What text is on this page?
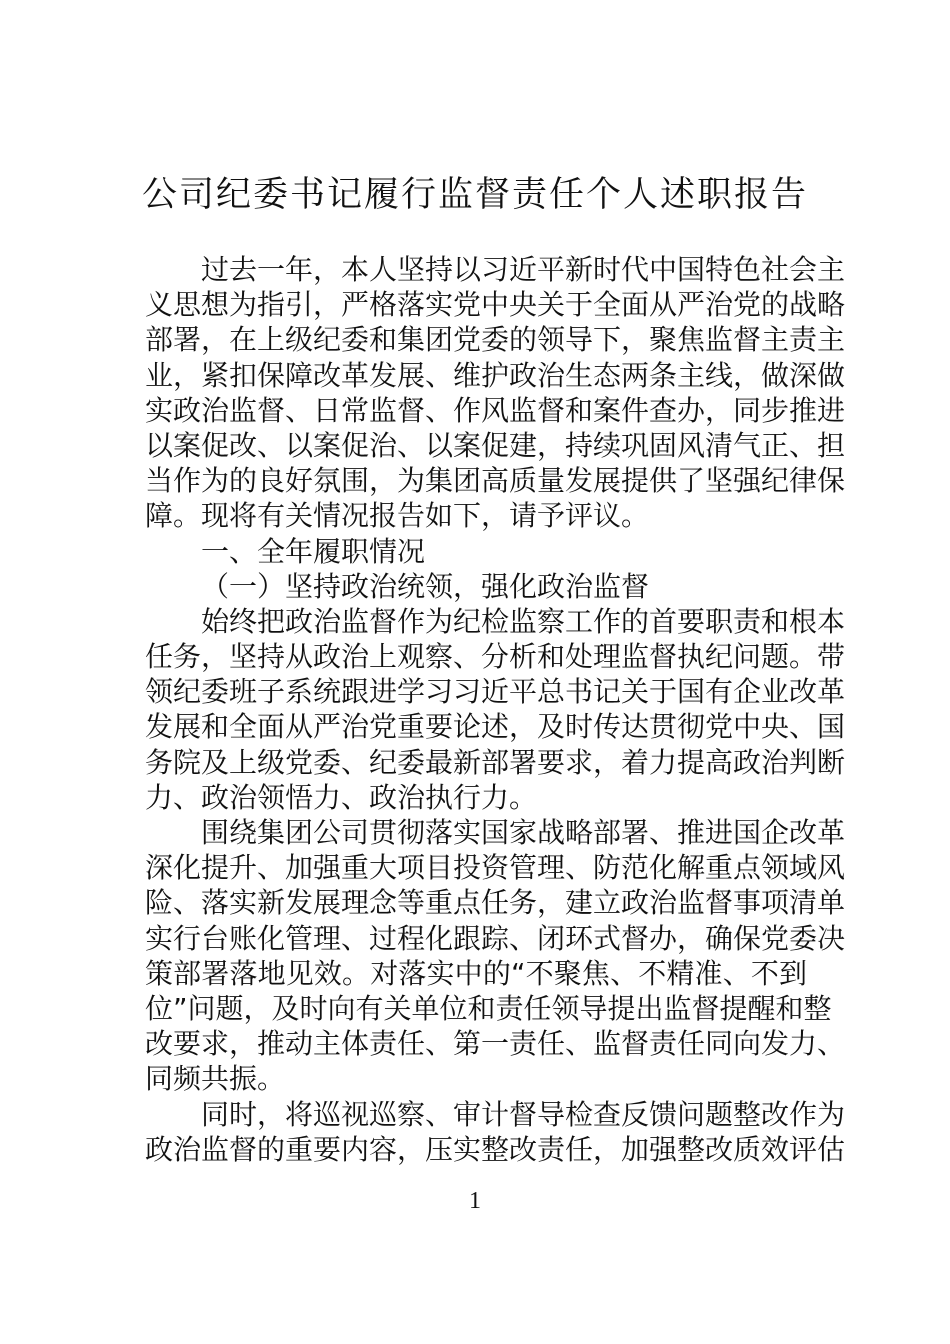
公司纪委书记履行监督责任个人述职报告
过去一年，本人坚持以习近平新时代中国特色社会主
义思想为指引，严格落实党中央关于全面从严治党的战略
部署，在上级纪委和集团党委的领导下，聚焦监督主责主
业，紧扣保障改革发展、维护政治生态两条主线，做深做
实政治监督、日常监督、作风监督和案件查办，同步推进
以案促改、以案促治、以案促建，持续巩固风清气正、担
当作为的良好氛围，为集团高质量发展提供了坚强纪律保
障。现将有关情况报告如下，请予评议。
一、全年履职情况
（一）坚持政治统领，强化政治监督
始终把政治监督作为纪检监察工作的首要职责和根本
任务，坚持从政治上观察、分析和处理监督执纪问题。带
领纪委班子系统跟进学习习近平总书记关于国有企业改革
发展和全面从严治党重要论述，及时传达贯彻党中央、国
务院及上级党委、纪委最新部署要求，着力提高政治判断
力、政治领悟力、政治执行力。
围绕集团公司贯彻落实国家战略部署、推进国企改革
深化提升、加强重大项目投资管理、防范化解重点领域风
险、落实新发展理念等重点任务，建立政治监督事项清单
实行台账化管理、过程化跟踪、闭环式督办，确保党委决
策部署落地见效。对落实中的“不聚焦、不精准、不到
位”问题，及时向有关单位和责任领导提出监督提醒和整
改要求，推动主体责任、第一责任、监督责任同向发力、
同频共振。
同时，将巡视巡察、审计督导检查反馈问题整改作为
政治监督的重要内容，压实整改责任，加强整改质效评估
1
